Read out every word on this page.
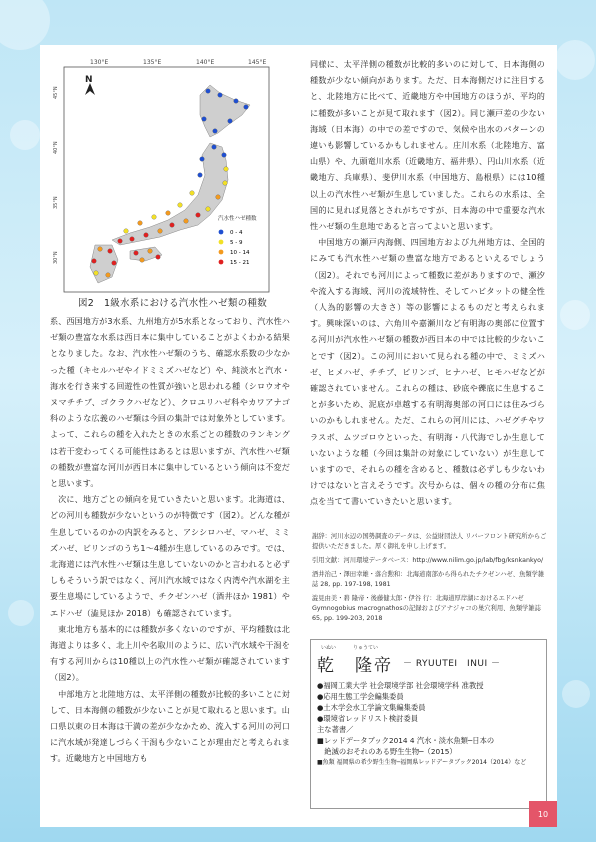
130°E	135°E	140°E	145°E
45°N
40°N
35°N
30°N
N
汽水性ハゼ種数
0 - 4
5 - 9
10 - 14
15 - 21
図2　1級水系における汽水性ハゼ類の種数

系、西国地方が3水系、九州地方が5水系となっており、汽水性ハゼ類の豊富な水系は西日本に集中していることがよくわかる結果となりました。なお、汽水性ハゼ類のうち、確認水系数の少なかった種（キセルハゼやイドミミズハゼなど）や、純淡水と汽水・海水を行き来する回遊性の性質が強いと思われる種（シロウオやヌマチチブ、ゴクラクハゼなど）、クロユリハゼ科やカワアナゴ科のような広義のハゼ類は今回の集計では対象外としています。よって、これらの種を入れたときの水系ごとの種数のランキングは若干変わってくる可能性はあるとは思いますが、汽水性ハゼ類の種数が豊富な河川が西日本に集中しているという傾向は不変だと思います。

次に、地方ごとの傾向を見ていきたいと思います。北海道は、どの河川も種数が少ないというのが特徴です（図2）。どんな種が生息しているのかの内訳をみると、アシシロハゼ、マハゼ、ミミズハゼ、ビリンゴのうち1～4種が生息しているのみです。では、北海道には汽水性ハゼ類は生息していないのかと言われると必ずしもそういう訳ではなく、河川汽水域ではなく内湾や汽水湖を主要生息場にしているようで、チクゼンハゼ（酒井ほか 1981）やエドハゼ（澁見ほか 2018）も確認されています。

東北地方も基本的には種数が多くないのですが、平均種数は北海道よりは多く、北上川や名取川のように、広い汽水域や干潟を有する河川からは10種以上の汽水性ハゼ類が確認されています（図2）。

中部地方と北陸地方は、太平洋側の種数が比較的多いことに対して、日本海側の種数が少ないことが見て取れると思います。山口県以東の日本海は干満の差が少なかため、流入する河川の河口に汽水域が発達しづらく干潟も少ないことが理由だと考えられます。近畿地方と中国地方も

同様に、太平洋側の種数が比較的多いのに対して、日本海側の種数が少ない傾向があります。ただ、日本海側だけに注目すると、北陸地方に比べて、近畿地方や中国地方のほうが、平均的に種数が多いことが見て取れます（図2）。同じ瀬戸差の少ない海域（日本海）の中での差ですので、気候や出水のパターンの違いも影響しているかもしれません。庄川水系（北陸地方、富山県）や、九頭竜川水系（近畿地方、福井県）、円山川水系（近畿地方、兵庫県）、斐伊川水系（中国地方、島根県）には10種以上の汽水性ハゼ類が生息していました。これらの水系は、全国的に見れば見落とされがちですが、日本海の中で重要な汽水性ハゼ類の生息地であると言ってよいと思います。

中国地方の瀬戸内海側、四国地方および九州地方は、全国的にみても汽水性ハゼ類の豊富な地方であるといえるでしょう（図2）。それでも河川によって種数に差がありますので、瀬汐や流入する海域、河川の流域特性、そしてハビタットの健全性（人為的影響の大きさ）等の影響によるものだと考えられます。興味深いのは、六角川や嘉瀬川など有明海の奥部に位置する河川が汽水性ハゼ類の種数が西日本の中では比較的少ないことです（図2）。この河川において見られる種の中で、ミミズハゼ、ヒメハゼ、チチブ、ビリンゴ、ヒナハゼ、ヒモハゼなどが確認されていません。これらの種は、砂底や礫底に生息することが多いため、泥底が卓越する有明海奥部の河口には住みづらいのかもしれません。ただ、これらの河川には、ハゼグチやワラスボ、ムツゴロウといった、有明海・八代海でしか生息していないような種（今回は集計の対象にしていない）が生息していますので、それらの種を含めると、種数は必ずしも少ないわけではないと言えそうです。次号からは、個々の種の分布に焦点を当てて書いていきたいと思います。

謝辞：河川水辺の国勢調査のデータは、公益財団法人 リバーフロント研究所からご提供いただきました。厚く御礼を申し上げます。

引用文献：河川環境データベース：http://www.nilim.go.jp/lab/fbg/ksnkankyo/

酒井治己・澤田幸雄・落合勲和：北海道南部から得られたチクゼンハゼ、魚類学雑誌 28, pp. 197-198, 1981

澁見由美・碧 隆帝・後藤健太郎・伊谷 行：北海道厚岸湖におけるエドハゼ Gymnogobius macrognathosの記録およびアナジャコの巣穴利用、魚類学雑誌 65, pp. 199-203, 2018

いぬい	りゅうてい
乾　隆帝 － RYUUTEI　INUI －
●福岡工業大学 社会環境学部 社会環境学科 准教授
●応用生態工学会編集委員
●土木学会水工学論文集編集委員
●環境省レッドリスト検討委員
主な著書／
■レッドデータブック2014 4 汽水・淡水魚類─日本の
　絶滅のおそれのある野生生物─（2015）
■魚類 福岡県の希少野生生物─福岡県レッドデータブック2014（2014）など
10
